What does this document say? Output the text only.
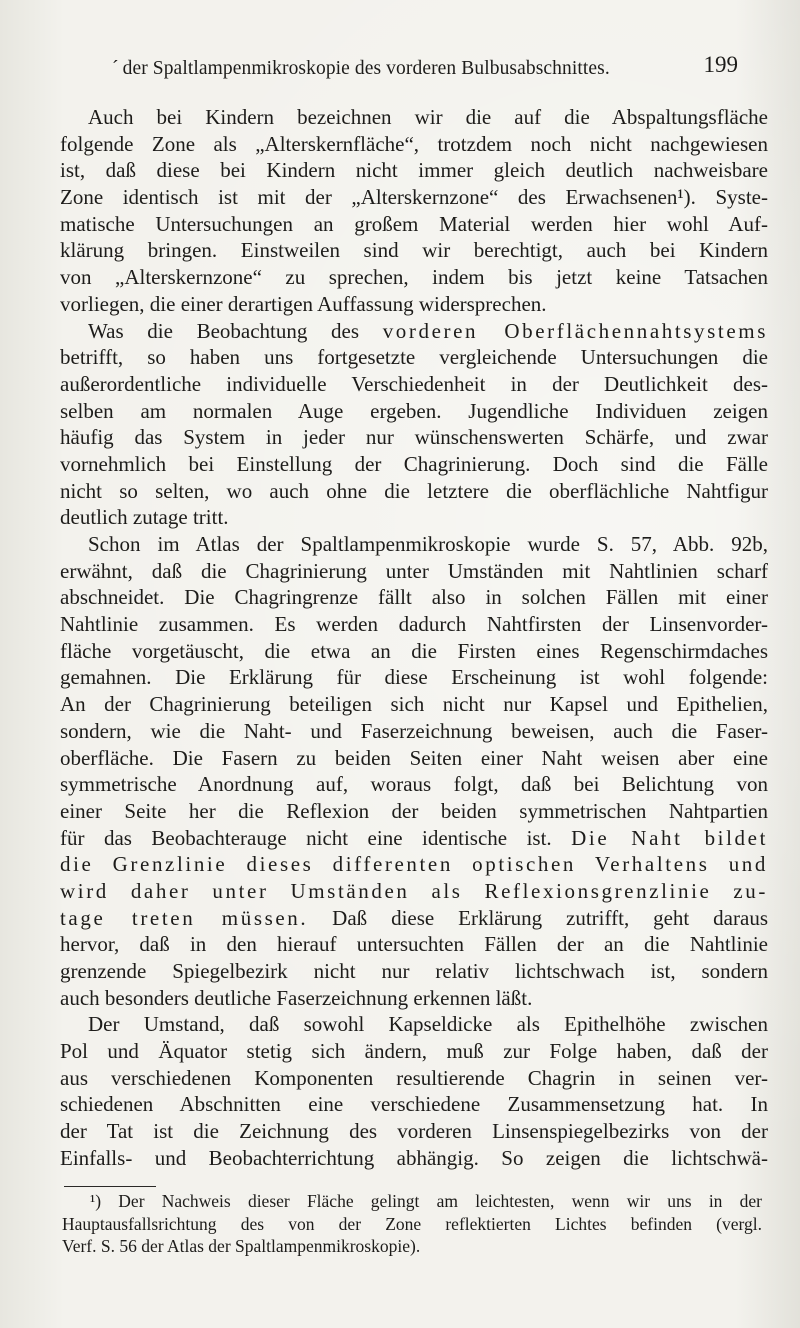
ˊ der Spaltlampenmikroskopie des vorderen Bulbusabschnittes.	199
Auch bei Kindern bezeichnen wir die auf die Abspaltungsfläche
folgende Zone als „Alterskernfläche“, trotzdem noch nicht nachgewiesen
ist, daß diese bei Kindern nicht immer gleich deutlich nachweisbare
Zone identisch ist mit der „Alterskernzone“ des Erwachsenen¹). Syste-
matische Untersuchungen an großem Material werden hier wohl Auf-
klärung bringen. Einstweilen sind wir berechtigt, auch bei Kindern
von „Alterskernzone“ zu sprechen, indem bis jetzt keine Tatsachen
vorliegen, die einer derartigen Auffassung widersprechen.
Was die Beobachtung des vorderen Oberflächennahtsystems
betrifft, so haben uns fortgesetzte vergleichende Untersuchungen die
außerordentliche individuelle Verschiedenheit in der Deutlichkeit des-
selben am normalen Auge ergeben. Jugendliche Individuen zeigen
häufig das System in jeder nur wünschenswerten Schärfe, und zwar
vornehmlich bei Einstellung der Chagrinierung. Doch sind die Fälle
nicht so selten, wo auch ohne die letztere die oberflächliche Nahtfigur
deutlich zutage tritt.
Schon im Atlas der Spaltlampenmikroskopie wurde S. 57, Abb. 92b,
erwähnt, daß die Chagrinierung unter Umständen mit Nahtlinien scharf
abschneidet. Die Chagringrenze fällt also in solchen Fällen mit einer
Nahtlinie zusammen. Es werden dadurch Nahtfirsten der Linsenvorder-
fläche vorgetäuscht, die etwa an die Firsten eines Regenschirmdaches
gemahnen. Die Erklärung für diese Erscheinung ist wohl folgende:
An der Chagrinierung beteiligen sich nicht nur Kapsel und Epithelien,
sondern, wie die Naht- und Faserzeichnung beweisen, auch die Faser-
oberfläche. Die Fasern zu beiden Seiten einer Naht weisen aber eine
symmetrische Anordnung auf, woraus folgt, daß bei Belichtung von
einer Seite her die Reflexion der beiden symmetrischen Nahtpartien
für das Beobachterauge nicht eine identische ist. Die Naht bildet
die Grenzlinie dieses differenten optischen Verhaltens und
wird daher unter Umständen als Reflexionsgrenzlinie zu-
tage treten müssen. Daß diese Erklärung zutrifft, geht daraus
hervor, daß in den hierauf untersuchten Fällen der an die Nahtlinie
grenzende Spiegelbezirk nicht nur relativ lichtschwach ist, sondern
auch besonders deutliche Faserzeichnung erkennen läßt.
Der Umstand, daß sowohl Kapseldicke als Epithelhöhe zwischen
Pol und Äquator stetig sich ändern, muß zur Folge haben, daß der
aus verschiedenen Komponenten resultierende Chagrin in seinen ver-
schiedenen Abschnitten eine verschiedene Zusammensetzung hat. In
der Tat ist die Zeichnung des vorderen Linsenspiegelbezirks von der
Einfalls- und Beobachterrichtung abhängig. So zeigen die lichtschwä-
¹) Der Nachweis dieser Fläche gelingt am leichtesten, wenn wir uns in der
Hauptausfallsrichtung des von der Zone reflektierten Lichtes befinden (vergl.
Verf. S. 56 der Atlas der Spaltlampenmikroskopie).
